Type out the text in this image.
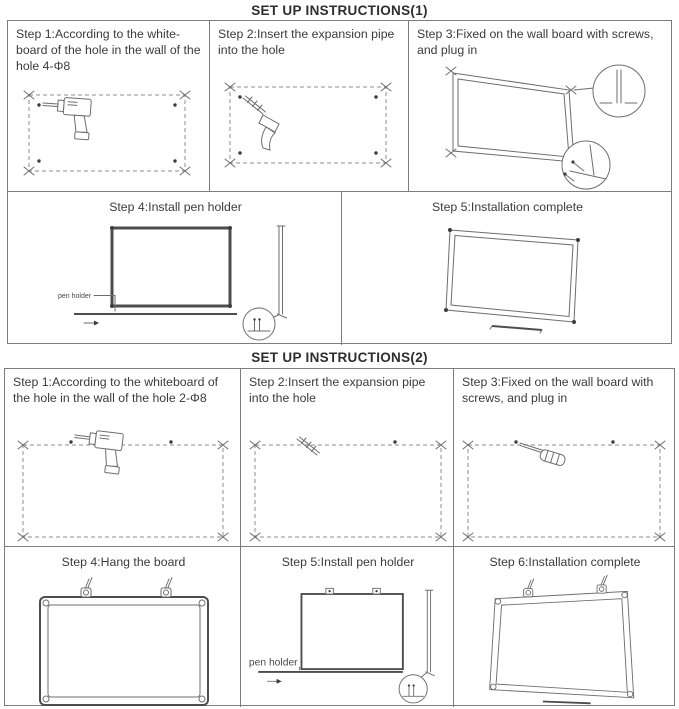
SET UP INSTRUCTIONS(1)
Step 1:According to the white-board of the hole in the wall of the hole 4-Φ8
Step 2:Insert the expansion pipe into the hole
Step 3:Fixed on the wall board with screws, and plug in
Step 4:Install pen holder
pen holder
Step 5:Installation complete
SET UP INSTRUCTIONS(2)
Step 1:According to the whiteboard of the hole in the wall of the hole 2-Φ8
Step 2:Insert the expansion pipe into the hole
Step 3:Fixed on the wall board with screws, and plug in
Step 4:Hang the board	Step 5:Install pen holder
pen holder
Step 6:Installation complete
